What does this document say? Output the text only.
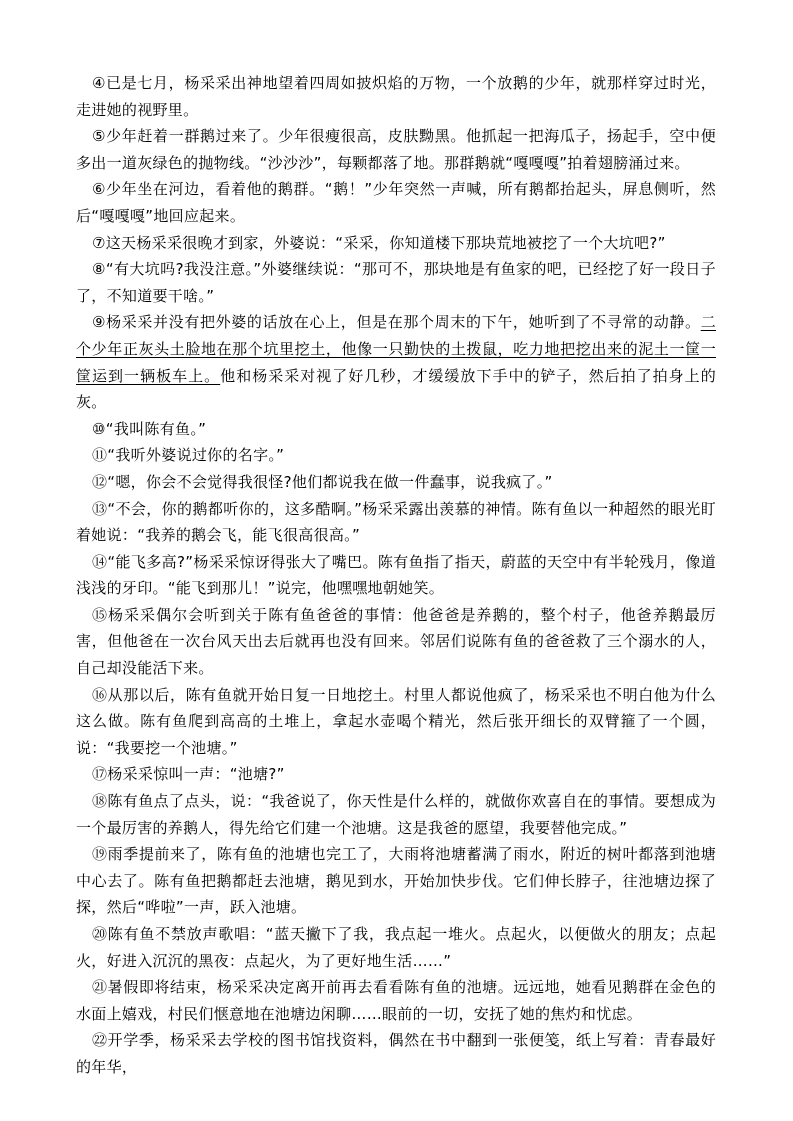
④已是七月，杨采采出神地望着四周如披炽焰的万物，一个放鹅的少年，就那样穿过时光，走进她的视野里。

⑤少年赶着一群鹅过来了。少年很瘦很高，皮肤黝黑。他抓起一把海瓜子，扬起手，空中便多出一道灰绿色的抛物线。“沙沙沙”，每颗都落了地。那群鹅就“嘎嘎嘎”拍着翅膀涌过来。

⑥少年坐在河边，看着他的鹅群。“鹅！”少年突然一声喊，所有鹅都抬起头，屏息侧听，然后“嘎嘎嘎”地回应起来。

⑦这天杨采采很晚才到家，外婆说：“采采，你知道楼下那块荒地被挖了一个大坑吧?”

⑧“有大坑吗?我没注意。”外婆继续说：“那可不，那块地是有鱼家的吧，已经挖了好一段日子了，不知道要干啥。”

⑨杨采采并没有把外婆的话放在心上，但是在那个周末的下午，她听到了不寻常的动静。二个少年正灰头土脸地在那个坑里挖土，他像一只勤快的土拨鼠，吃力地把挖出来的泥土一筐一筐运到一辆板车上。他和杨采采对视了好几秒，才缓缓放下手中的铲子，然后拍了拍身上的灰。

⑩“我叫陈有鱼。”

⑪“我听外婆说过你的名字。”

⑫“嗯，你会不会觉得我很怪?他们都说我在做一件蠢事，说我疯了。”

⑬“不会，你的鹅都听你的，这多酷啊。”杨采采露出羡慕的神情。陈有鱼以一种超然的眼光盯着她说：“我养的鹅会飞，能飞很高很高。”

⑭“能飞多高?”杨采采惊讶得张大了嘴巴。陈有鱼指了指天，蔚蓝的天空中有半轮残月，像道浅浅的牙印。“能飞到那儿！”说完，他嘿嘿地朝她笑。

⑮杨采采偶尔会听到关于陈有鱼爸爸的事情：他爸爸是养鹅的，整个村子，他爸养鹅最厉害，但他爸在一次台风天出去后就再也没有回来。邻居们说陈有鱼的爸爸救了三个溺水的人，自己却没能活下来。

⑯从那以后，陈有鱼就开始日复一日地挖土。村里人都说他疯了，杨采采也不明白他为什么这么做。陈有鱼爬到高高的土堆上，拿起水壶喝个精光，然后张开细长的双臂箍了一个圆，说：“我要挖一个池塘。”

⑰杨采采惊叫一声：“池塘?”

⑱陈有鱼点了点头，说：“我爸说了，你天性是什么样的，就做你欢喜自在的事情。要想成为一个最厉害的养鹅人，得先给它们建一个池塘。这是我爸的愿望，我要替他完成。”

⑲雨季提前来了，陈有鱼的池塘也完工了，大雨将池塘蓄满了雨水，附近的树叶都落到池塘中心去了。陈有鱼把鹅都赶去池塘，鹅见到水，开始加快步伐。它们伸长脖子，往池塘边探了探，然后“哗啦”一声，跃入池塘。

⑳陈有鱼不禁放声歌唱：“蓝天撇下了我，我点起一堆火。点起火，以便做火的朋友；点起火，好进入沉沉的黑夜：点起火，为了更好地生活……”

㉑暑假即将结束，杨采采决定离开前再去看看陈有鱼的池塘。远远地，她看见鹅群在金色的水面上嬉戏，村民们惬意地在池塘边闲聊……眼前的一切，安抚了她的焦灼和忧虑。

㉒开学季，杨采采去学校的图书馆找资料，偶然在书中翻到一张便笺，纸上写着：青春最好的年华，
